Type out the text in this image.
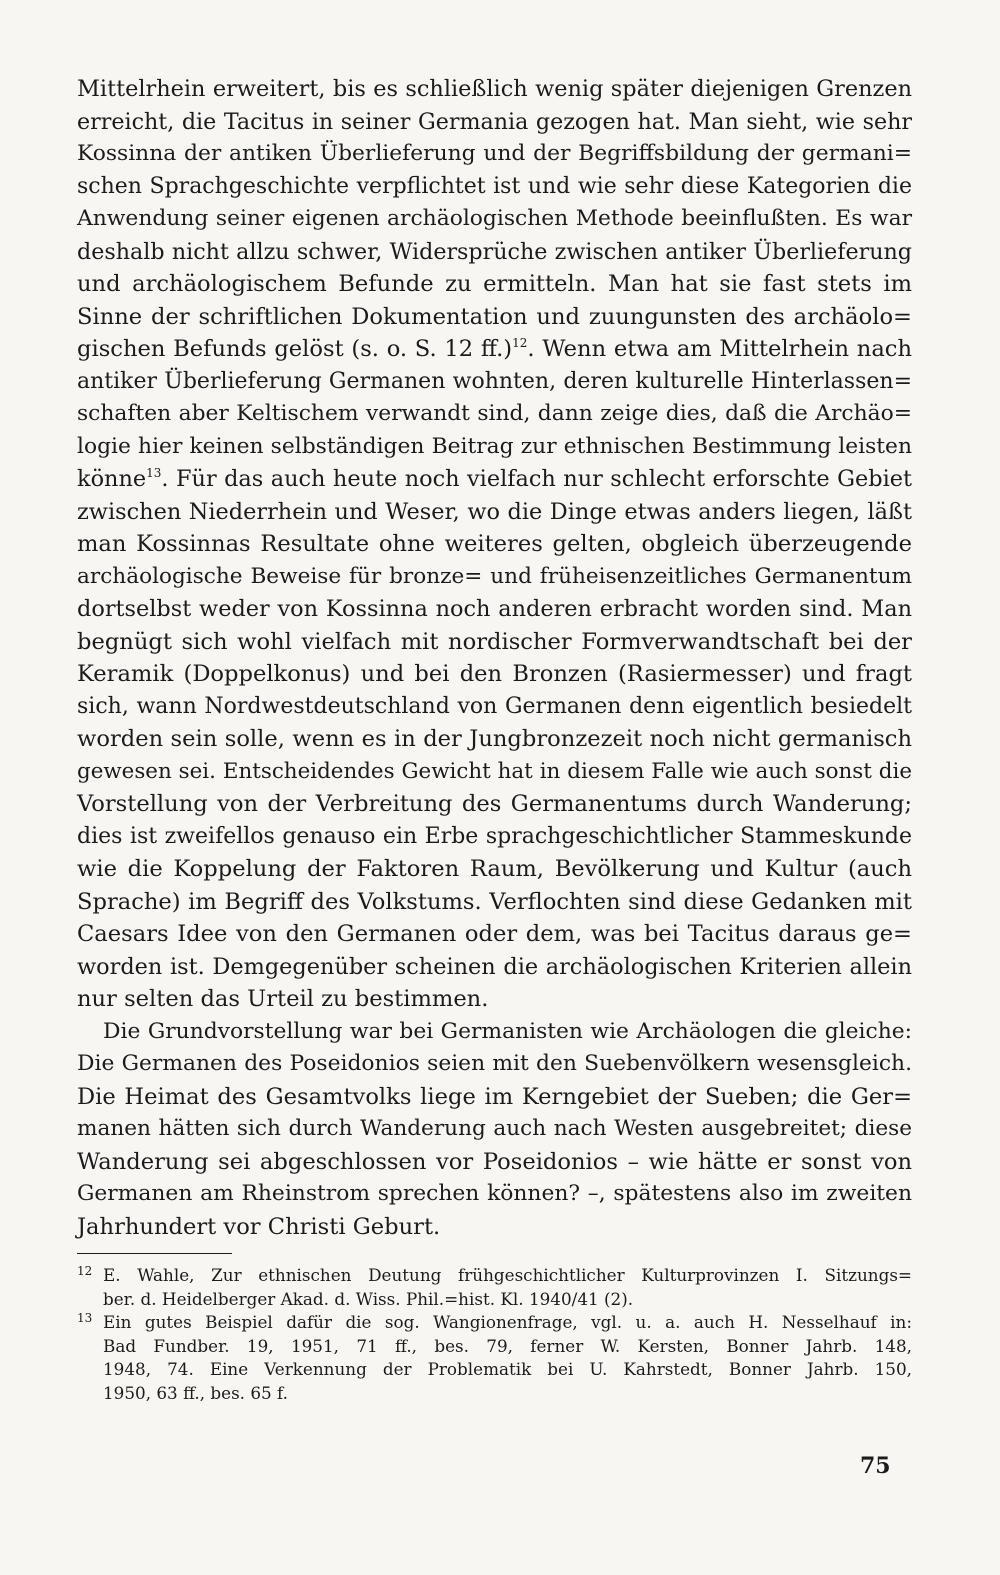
Mittelrhein erweitert, bis es schließlich wenig später diejenigen Grenzen
erreicht, die Tacitus in seiner Germania gezogen hat. Man sieht, wie sehr
Kossinna der antiken Überlieferung und der Begriffsbildung der germani=
schen Sprachgeschichte verpflichtet ist und wie sehr diese Kategorien die
Anwendung seiner eigenen archäologischen Methode beeinflußten. Es war
deshalb nicht allzu schwer, Widersprüche zwischen antiker Überlieferung
und archäologischem Befunde zu ermitteln. Man hat sie fast stets im
Sinne der schriftlichen Dokumentation und zuungunsten des archäolo=
gischen Befunds gelöst (s. o. S. 12 ff.)$^{12}$. Wenn etwa am Mittelrhein nach
antiker Überlieferung Germanen wohnten, deren kulturelle Hinterlassen=
schaften aber Keltischem verwandt sind, dann zeige dies, daß die Archäo=
logie hier keinen selbständigen Beitrag zur ethnischen Bestimmung leisten
könne$^{13}$. Für das auch heute noch vielfach nur schlecht erforschte Gebiet
zwischen Niederrhein und Weser, wo die Dinge etwas anders liegen, läßt
man Kossinnas Resultate ohne weiteres gelten, obgleich überzeugende
archäologische Beweise für bronze= und früheisenzeitliches Germanentum
dortselbst weder von Kossinna noch anderen erbracht worden sind. Man
begnügt sich wohl vielfach mit nordischer Formverwandtschaft bei der
Keramik (Doppelkonus) und bei den Bronzen (Rasiermesser) und fragt
sich, wann Nordwestdeutschland von Germanen denn eigentlich besiedelt
worden sein solle, wenn es in der Jungbronzezeit noch nicht germanisch
gewesen sei. Entscheidendes Gewicht hat in diesem Falle wie auch sonst die
Vorstellung von der Verbreitung des Germanentums durch Wanderung;
dies ist zweifellos genauso ein Erbe sprachgeschichtlicher Stammeskunde
wie die Koppelung der Faktoren Raum, Bevölkerung und Kultur (auch
Sprache) im Begriff des Volkstums. Verflochten sind diese Gedanken mit
Caesars Idee von den Germanen oder dem, was bei Tacitus daraus ge=
worden ist. Demgegenüber scheinen die archäologischen Kriterien allein
nur selten das Urteil zu bestimmen.
Die Grundvorstellung war bei Germanisten wie Archäologen die gleiche:
Die Germanen des Poseidonios seien mit den Suebenvölkern wesensgleich.
Die Heimat des Gesamtvolks liege im Kerngebiet der Sueben; die Ger=
manen hätten sich durch Wanderung auch nach Westen ausgebreitet; diese
Wanderung sei abgeschlossen vor Poseidonios – wie hätte er sonst von
Germanen am Rheinstrom sprechen können? –, spätestens also im zweiten
Jahrhundert vor Christi Geburt.
12 E. Wahle, Zur ethnischen Deutung frühgeschichtlicher Kulturprovinzen I. Sitzungs=
ber. d. Heidelberger Akad. d. Wiss. Phil.=hist. Kl. 1940/41 (2).
13 Ein gutes Beispiel dafür die sog. Wangionenfrage, vgl. u. a. auch H. Nesselhauf in:
Bad Fundber. 19, 1951, 71 ff., bes. 79, ferner W. Kersten, Bonner Jahrb. 148,
1948, 74. Eine Verkennung der Problematik bei U. Kahrstedt, Bonner Jahrb. 150,
1950, 63 ff., bes. 65 f.
75
